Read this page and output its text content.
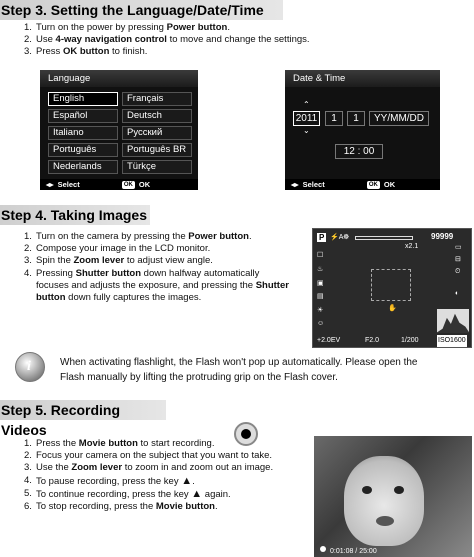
Step 3. Setting the Language/Date/Time
1. Turn on the power by pressing Power button.
2. Use 4-way navigation control to move and change the settings.
3. Press OK button to finish.
Language
English	Français
Español	Deutsch
Italiano	Русский
Português	Português BR
Nederlands	Türkçe
◂▸ Select	OK OK
Date & Time
⌃
2011
⌄
1	1	YY/MM/DD
12 : 00
◂▸ Select	OK OK
Step 4. Taking Images
1. Turn on the camera by pressing the Power button.
2. Compose your image in the LCD monitor.
3. Spin the Zoom lever to adjust view angle.
4. Pressing Shutter button down halfway automatically
focuses and adjusts the exposure, and pressing the Shutter
button down fully captures the images.
P ⚡A ☸	99999
x2.1	▭
☐
♨
▣
▤
☀
☺
⊟
⏲
◐
✋
+2.0EV	F2.0	1/200	ISO1600
i	When activating flashlight, the Flash won't pop up automatically. Please open the
Flash manually by lifting the protruding grip on the Flash cover.
Step 5. Recording Videos
1. Press the Movie button to start recording.
2. Focus your camera on the subject that you want to take.
3. Use the Zoom lever to zoom in and zoom out an image.
4. To pause recording, press the key ▲.
5. To continue recording, press the key ▲ again.
6. To stop recording, press the Movie button.
0:01:08 / 25:00
